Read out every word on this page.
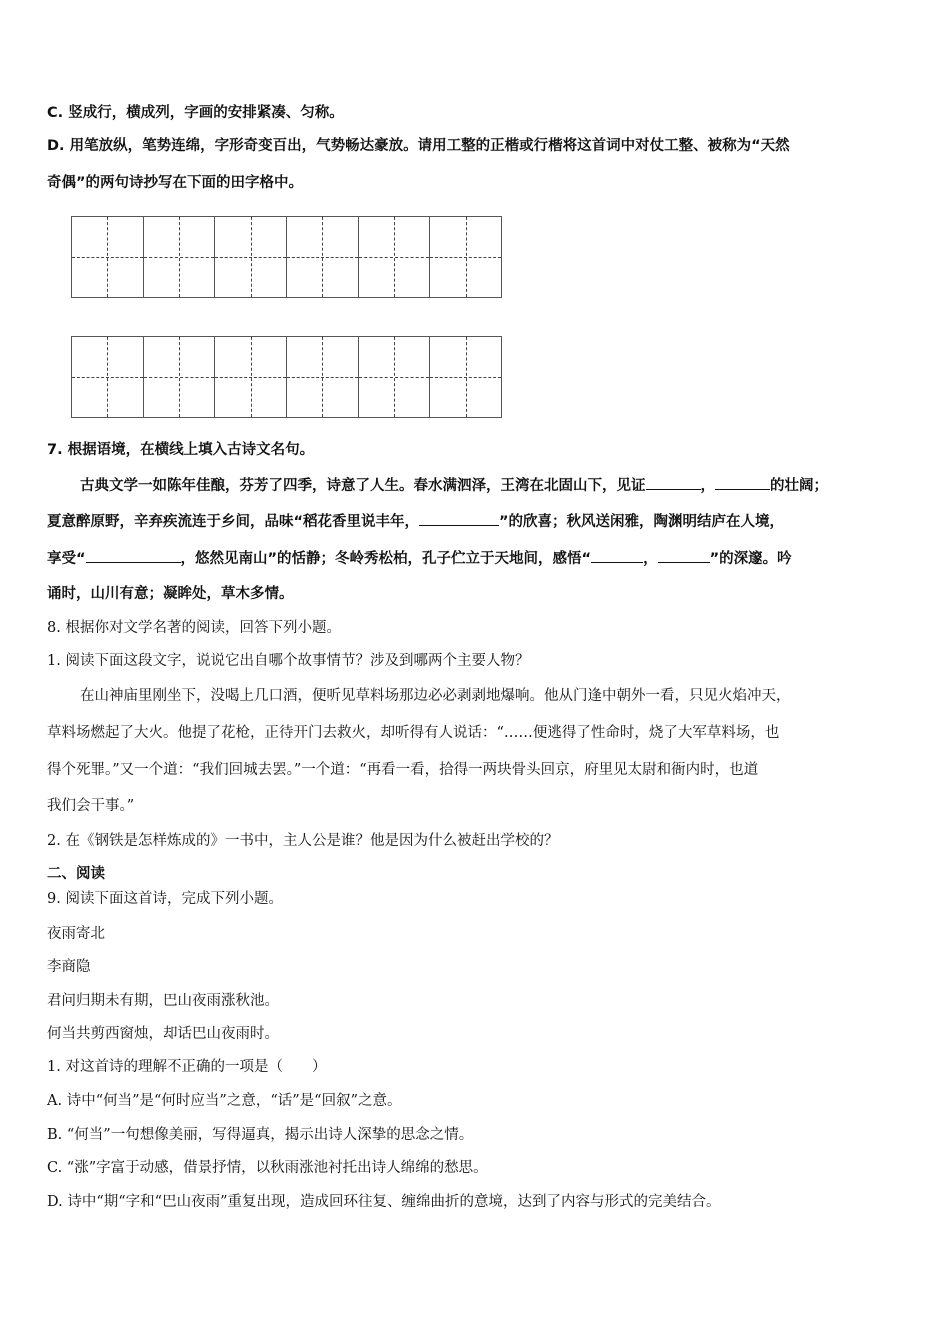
C. 竖成行，横成列，字画的安排紧凑、匀称。
D. 用笔放纵，笔势连绵，字形奇变百出，气势畅达豪放。请用工整的正楷或行楷将这首词中对仗工整、被称为“天然
奇偶”的两句诗抄写在下面的田字格中。
7. 根据语境，在横线上填入古诗文名句。
古典文学一如陈年佳酿，芬芳了四季，诗意了人生。春水满泗泽，王湾在北固山下，见证	，	的壮阔；
夏意醉原野，辛弃疾流连于乡间，品味“稻花香里说丰年，	”的欣喜；秋风送闲雅，陶渊明结庐在人境，
享受“	，悠然见南山”的恬静；冬岭秀松柏，孔子伫立于天地间，感悟“	，	”的深邃。吟
诵时，山川有意；凝眸处，草木多情。
8. 根据你对文学名著的阅读，回答下列小题。
1. 阅读下面这段文字，说说它出自哪个故事情节？涉及到哪两个主要人物？
在山神庙里刚坐下，没喝上几口酒，便听见草料场那边必必剥剥地爆响。他从门逢中朝外一看，只见火焰冲天，
草料场燃起了大火。他提了花枪，正待开门去救火，却听得有人说话：“……便逃得了性命时，烧了大军草料场，也
得个死罪。”又一个道：“我们回城去罢。”一个道：“再看一看，拾得一两块骨头回京，府里见太尉和衙内时，也道
我们会干事。”
2. 在《钢铁是怎样炼成的》一书中，主人公是谁？他是因为什么被赶出学校的？
二、阅读
9. 阅读下面这首诗，完成下列小题。
夜雨寄北
李商隐
君问归期未有期，巴山夜雨涨秋池。
何当共剪西窗烛，却话巴山夜雨时。
1. 对这首诗的理解不正确的一项是（　　）
A. 诗中“何当”是“何时应当”之意，“话”是“回叙”之意。
B. “何当”一句想像美丽，写得逼真，揭示出诗人深挚的思念之情。
C. “涨”字富于动感，借景抒情，以秋雨涨池衬托出诗人绵绵的愁思。
D. 诗中“期“字和“巴山夜雨”重复出现，造成回环往复、缠绵曲折的意境，达到了内容与形式的完美结合。
